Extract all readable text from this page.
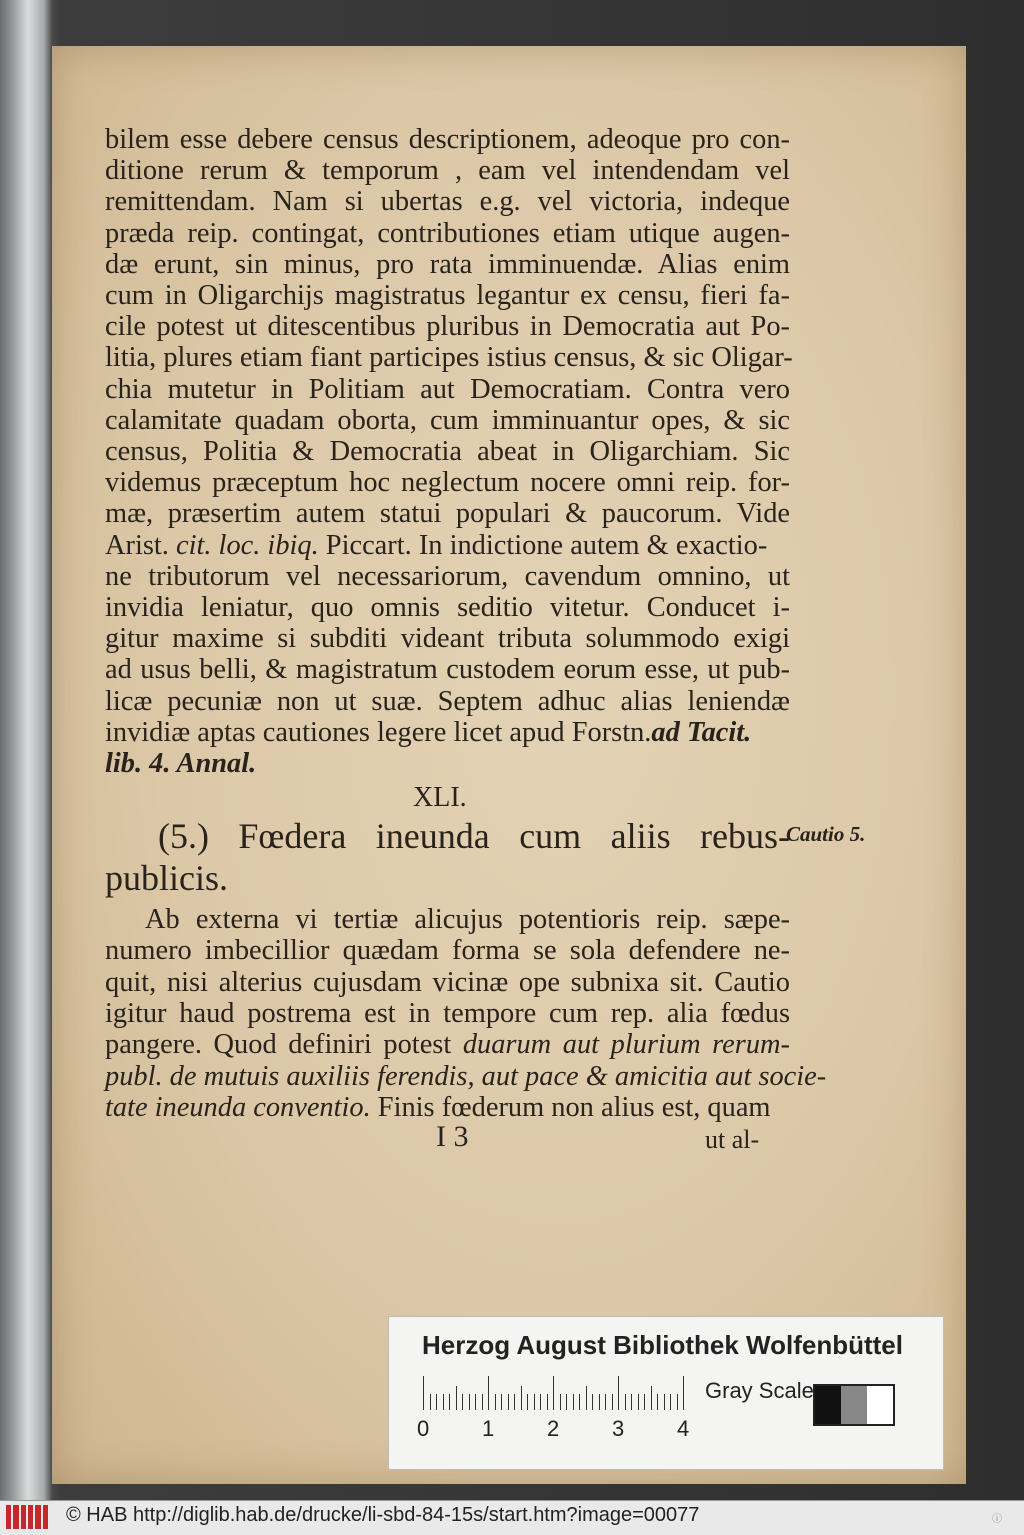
bilem esse debere census descriptionem, adeoque pro con-
ditione rerum & temporum , eam vel intendendam vel
remittendam. Nam si ubertas e.g. vel victoria, indeque
præda reip. contingat, contributiones etiam utique augen-
dæ erunt, sin minus, pro rata imminuendæ. Alias enim
cum in Oligarchijs magistratus legantur ex censu, fieri fa-
cile potest ut ditescentibus pluribus in Democratia aut Po-
litia, plures etiam fiant participes istius census, & sic Oligar-
chia mutetur in Politiam aut Democratiam. Contra vero
calamitate quadam oborta, cum imminuantur opes, & sic
census, Politia & Democratia abeat in Oligarchiam. Sic
videmus præceptum hoc neglectum nocere omni reip. for-
mæ, præsertim autem statui populari & paucorum. Vide
ne tributorum vel necessariorum, cavendum omnino, ut
invidia leniatur, quo omnis seditio vitetur. Conducet i-
gitur maxime si subditi videant tributa solummodo exigi
ad usus belli, & magistratum custodem eorum esse, ut pub-
licæ pecuniæ non ut suæ. Septem adhuc alias leniendæ
Ab externa vi tertiæ alicujus potentioris reip. sæpe-
numero imbecillior quædam forma se sola defendere ne-
quit, nisi alterius cujusdam vicinæ ope subnixa sit. Cautio
igitur haud postrema est in tempore cum rep. alia fœdus
Arist. cit. loc. ibiq. Piccart. In indictione autem & exactio-
invidiæ aptas cautiones legere licet apud Forstn.ad Tacit.
lib. 4. Annal.
XLI.
(5.) Fœdera ineunda cum aliis rebus-
publicis.
Cautio 5.
pangere. Quod definiri potest duarum aut plurium rerum-
publ. de mutuis auxiliis ferendis, aut pace & amicitia aut socie-
tate ineunda conventio. Finis fœderum non alius est, quam
I 3	ut al-
Herzog August Bibliothek Wolfenbüttel
Gray Scale
© HAB http://diglib.hab.de/drucke/li-sbd-84-15s/start.htm?image=00077	ⓘ
0 1 2 3 4
